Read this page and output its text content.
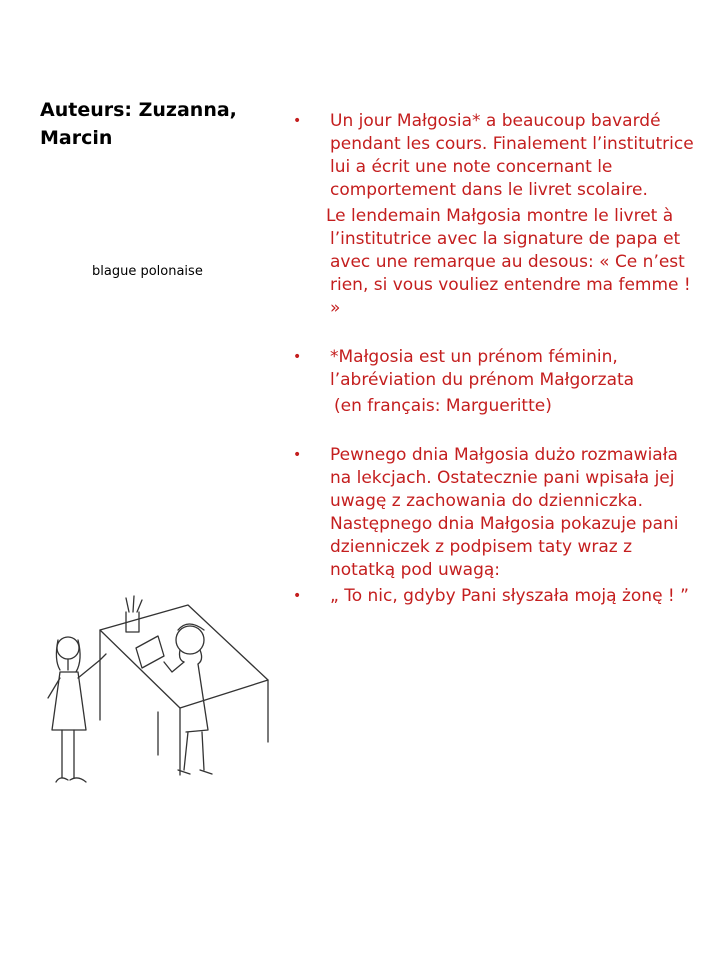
Auteurs: Zuzanna, Marcin
blague polonaise
• Un jour Małgosia* a beaucoup bavardé pendant les cours. Finalement l’institutrice lui a écrit une note concernant le comportement dans le livret scolaire.

Le lendemain Małgosia montre le livret à l’institutrice avec la signature de papa et avec une remarque au desous: « Ce n’est rien, si vous vouliez entendre ma femme ! »

• *Małgosia est un prénom féminin, l’abréviation du prénom Małgorzata

(en français: Margueritte)

• Pewnego dnia Małgosia dużo rozmawiała na lekcjach. Ostatecznie pani wpisała jej uwagę z zachowania do dzienniczka. Następnego dnia Małgosia pokazuje pani dzienniczek z podpisem taty wraz z notatką pod uwagą:

• „ To nic, gdyby Pani słyszała moją żonę ! ”
